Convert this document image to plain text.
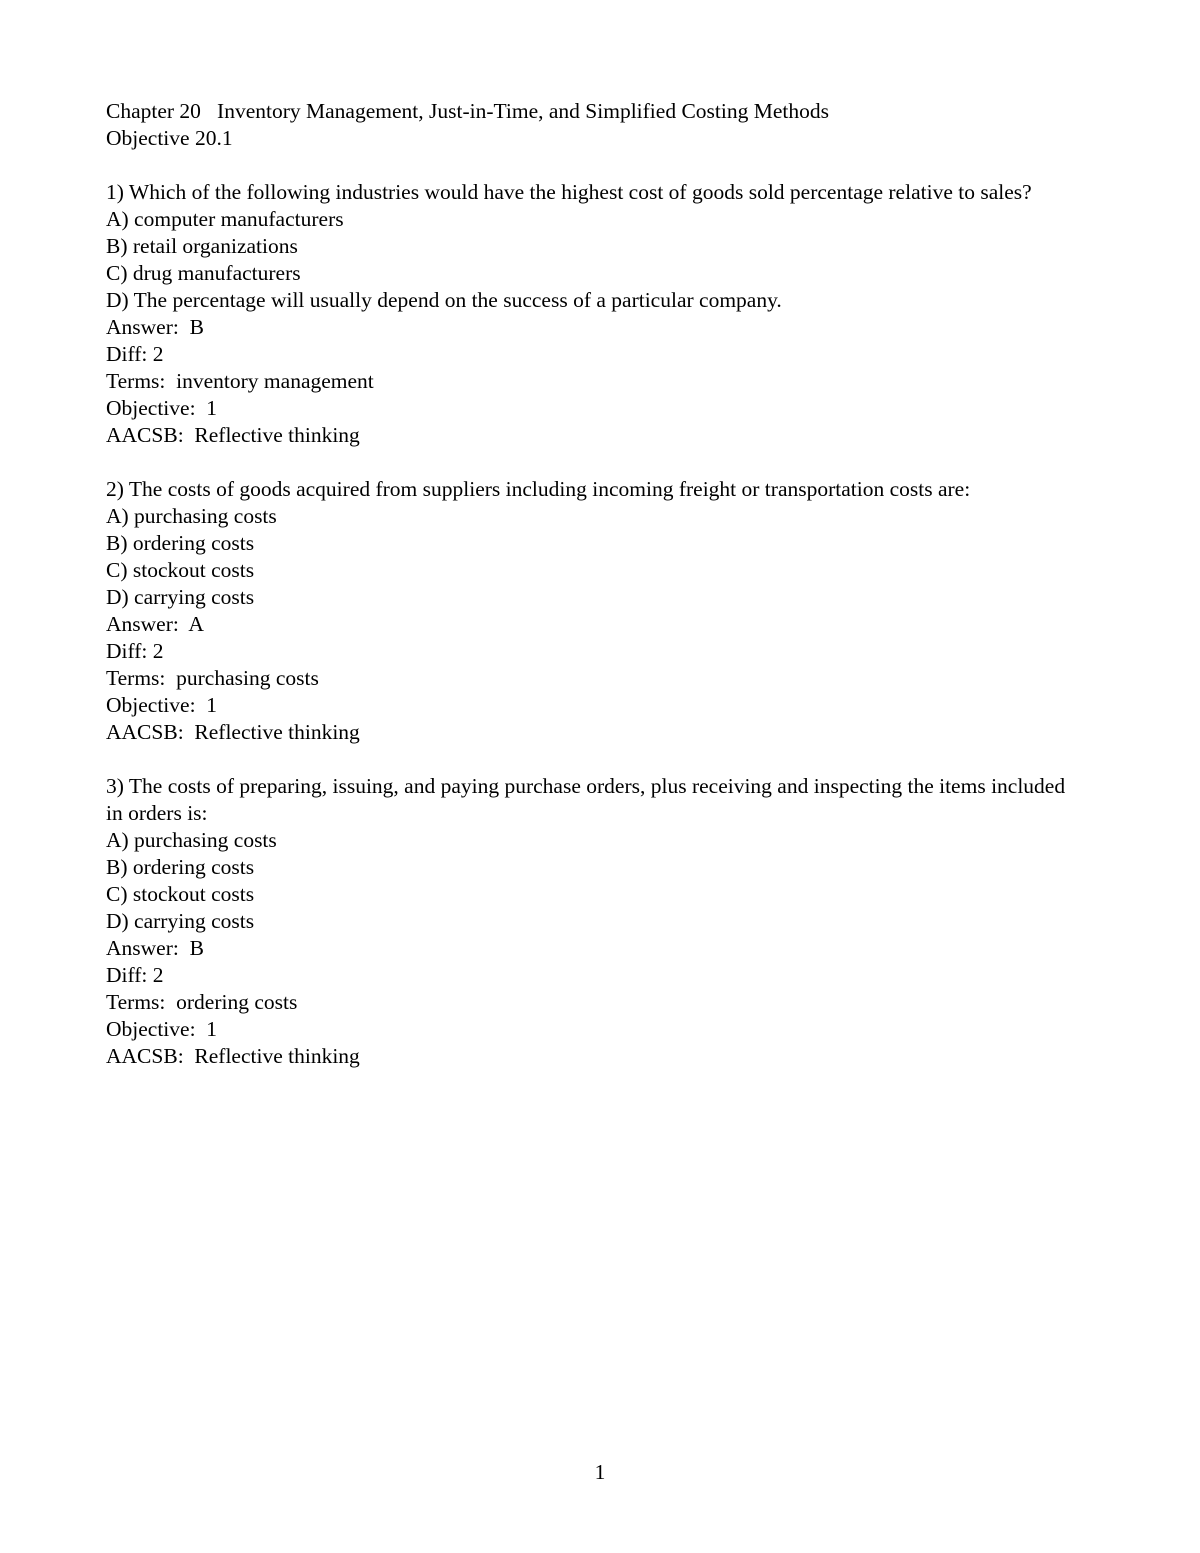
Chapter 20   Inventory Management, Just-in-Time, and Simplified Costing Methods
Objective 20.1
1) Which of the following industries would have the highest cost of goods sold percentage relative to sales?
A) computer manufacturers
B) retail organizations
C) drug manufacturers
D) The percentage will usually depend on the success of a particular company.
Answer:  B
Diff: 2
Terms:  inventory management
Objective:  1
AACSB:  Reflective thinking
2) The costs of goods acquired from suppliers including incoming freight or transportation costs are:
A) purchasing costs
B) ordering costs
C) stockout costs
D) carrying costs
Answer:  A
Diff: 2
Terms:  purchasing costs
Objective:  1
AACSB:  Reflective thinking
3) The costs of preparing, issuing, and paying purchase orders, plus receiving and inspecting the items included in orders is:
A) purchasing costs
B) ordering costs
C) stockout costs
D) carrying costs
Answer:  B
Diff: 2
Terms:  ordering costs
Objective:  1
AACSB:  Reflective thinking
1
